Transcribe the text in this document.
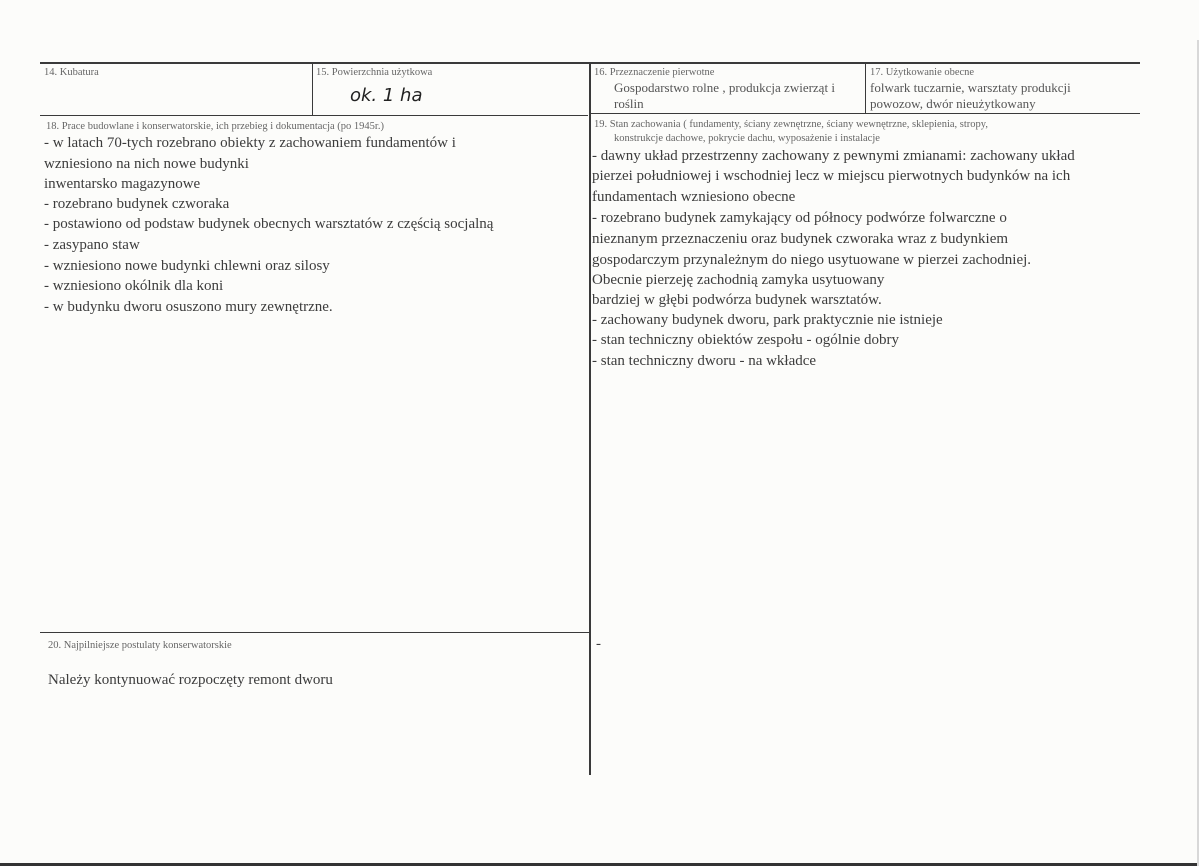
14. Kubatura	15. Powierzchnia użytkowa
ok. 1 ha
16. Przeznaczenie pierwotne
Gospodarstwo rolne , produkcja zwierząt i
roślin
17. Użytkowanie obecne
folwark tuczarnie, warsztaty produkcji
powozow, dwór nieużytkowany
18. Prace budowlane i konserwatorskie, ich przebieg i dokumentacja (po 1945r.)
- w latach 70-tych rozebrano obiekty z zachowaniem fundamentów i
wzniesiono na nich nowe budynki
inwentarsko magazynowe
- rozebrano budynek czworaka
- postawiono od podstaw budynek obecnych warsztatów z częścią socjalną
- zasypano staw
- wzniesiono nowe budynki chlewni oraz silosy
- wzniesiono okólnik dla koni
- w budynku dworu osuszono mury zewnętrzne.
19. Stan zachowania ( fundamenty, ściany zewnętrzne, ściany wewnętrzne, sklepienia, stropy,
konstrukcje dachowe, pokrycie dachu, wyposażenie i instalacje
- dawny układ przestrzenny zachowany z pewnymi zmianami: zachowany układ
pierzei południowej i wschodniej lecz w miejscu pierwotnych budynków na ich
fundamentach wzniesiono obecne
- rozebrano budynek zamykający od północy podwórze folwarczne o
nieznanym przeznaczeniu oraz budynek czworaka wraz z budynkiem
gospodarczym przynależnym do niego usytuowane w pierzei zachodniej.
Obecnie pierzeję zachodnią zamyka usytuowany
bardziej w głębi podwórza budynek warsztatów.
- zachowany budynek dworu, park praktycznie nie istnieje
- stan techniczny obiektów zespołu - ogólnie dobry
- stan techniczny dworu - na wkładce
20. Najpilniejsze postulaty konserwatorskie
Należy kontynuować rozpoczęty remont dworu
-
